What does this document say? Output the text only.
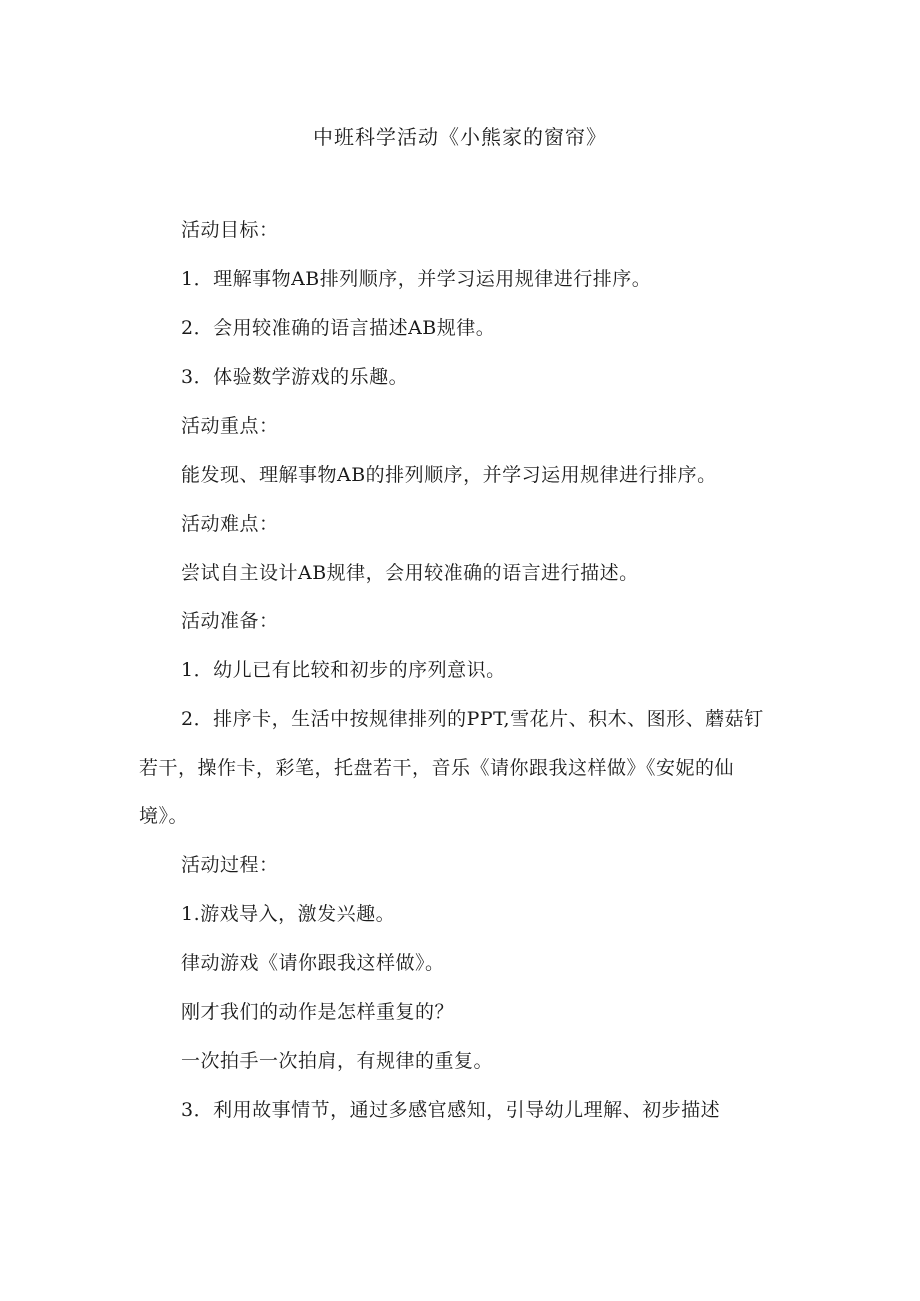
中班科学活动《小熊家的窗帘》
活动目标：
1．理解事物AB排列顺序，并学习运用规律进行排序。
2．会用较准确的语言描述AB规律。
3．体验数学游戏的乐趣。
活动重点：
能发现、理解事物AB的排列顺序，并学习运用规律进行排序。
活动难点：
尝试自主设计AB规律，会用较准确的语言进行描述。
活动准备：
1．幼儿已有比较和初步的序列意识。
2．排序卡，生活中按规律排列的PPT,雪花片、积木、图形、蘑菇钉
若干，操作卡，彩笔，托盘若干，音乐《请你跟我这样做》《安妮的仙
境》。
活动过程：
1.游戏导入，激发兴趣。
律动游戏《请你跟我这样做》。
刚才我们的动作是怎样重复的？
一次拍手一次拍肩，有规律的重复。
3．利用故事情节，通过多感官感知，引导幼儿理解、初步描述
